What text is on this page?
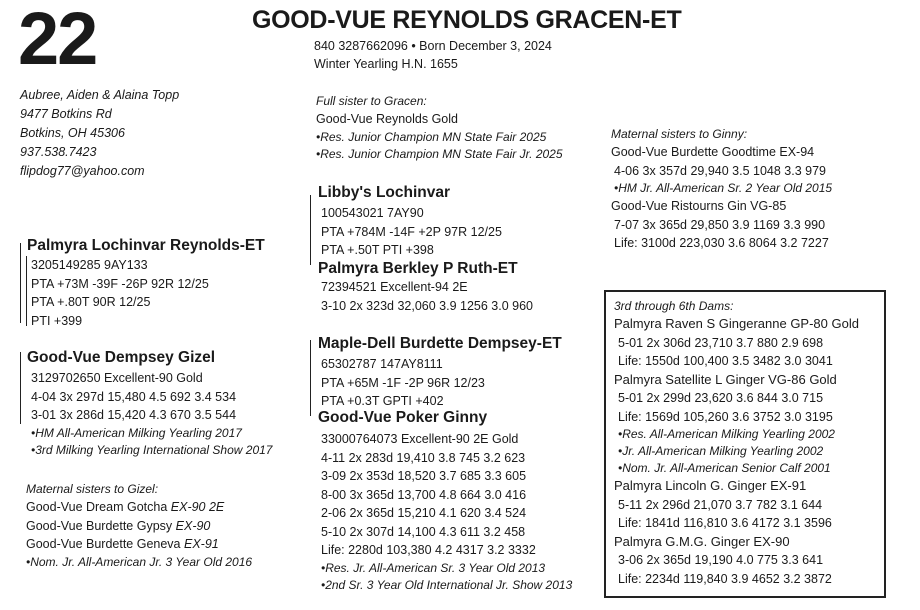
22	GOOD-VUE REYNOLDS GRACEN-ET
840 3287662096 • Born December 3, 2024
Winter Yearling H.N. 1655
Aubree, Aiden & Alaina Topp
9477 Botkins Rd
Botkins, OH 45306
937.538.7423
flipdog77@yahoo.com
Full sister to Gracen:
Good-Vue Reynolds Gold
•Res. Junior Champion MN State Fair 2025
•Res. Junior Champion MN State Fair Jr. 2025
Palmyra Lochinvar Reynolds-ET
3205149285 9AY133
PTA +73M -39F -26P 92R 12/25
PTA +.80T 90R 12/25
PTI +399
Libby's Lochinvar
100543021 7AY90
PTA +784M -14F +2P 97R 12/25
PTA +.50T PTI +398
Palmyra Berkley P Ruth-ET
72394521 Excellent-94 2E
3-10 2x 323d 32,060 3.9 1256 3.0 960
Good-Vue Dempsey Gizel
3129702650 Excellent-90 Gold
4-04 3x 297d 15,480 4.5 692 3.4 534
3-01 3x 286d 15,420 4.3 670 3.5 544
•HM All-American Milking Yearling 2017
•3rd Milking Yearling International Show 2017
Maternal sisters to Gizel:
Good-Vue Dream Gotcha EX-90 2E
Good-Vue Burdette Gypsy EX-90
Good-Vue Burdette Geneva EX-91
•Nom. Jr. All-American Jr. 3 Year Old 2016
Maple-Dell Burdette Dempsey-ET
65302787 147AY8111
PTA +65M -1F -2P 96R 12/23
PTA +0.3T GPTI +402
Good-Vue Poker Ginny
33000764073 Excellent-90 2E Gold
4-11 2x 283d 19,410 3.8 745 3.2 623
3-09 2x 353d 18,520 3.7 685 3.3 605
8-00 3x 365d 13,700 4.8 664 3.0 416
2-06 2x 365d 15,210 4.1 620 3.4 524
5-10 2x 307d 14,100 4.3 611 3.2 458
Life: 2280d 103,380 4.2 4317 3.2 3332
•Res. Jr. All-American Sr. 3 Year Old 2013
•2nd Sr. 3 Year Old International Jr. Show 2013
Maternal sisters to Ginny:
Good-Vue Burdette Goodtime EX-94
4-06 3x 357d 29,940 3.5 1048 3.3 979
•HM Jr. All-American Sr. 2 Year Old 2015
Good-Vue Ristourns Gin VG-85
7-07 3x 365d 29,850 3.9 1169 3.3 990
Life: 3100d 223,030 3.6 8064 3.2 7227
3rd through 6th Dams:
Palmyra Raven S Gingeranne GP-80 Gold
5-01 2x 306d 23,710 3.7 880 2.9 698
Life: 1550d 100,400 3.5 3482 3.0 3041
Palmyra Satellite L Ginger VG-86 Gold
5-01 2x 299d 23,620 3.6 844 3.0 715
Life: 1569d 105,260 3.6 3752 3.0 3195
•Res. All-American Milking Yearling 2002
•Jr. All-American Milking Yearling 2002
•Nom. Jr. All-American Senior Calf 2001
Palmyra Lincoln G. Ginger EX-91
5-11 2x 296d 21,070 3.7 782 3.1 644
Life: 1841d 116,810 3.6 4172 3.1 3596
Palmyra G.M.G. Ginger EX-90
3-06 2x 365d 19,190 4.0 775 3.3 641
Life: 2234d 119,840 3.9 4652 3.2 3872
